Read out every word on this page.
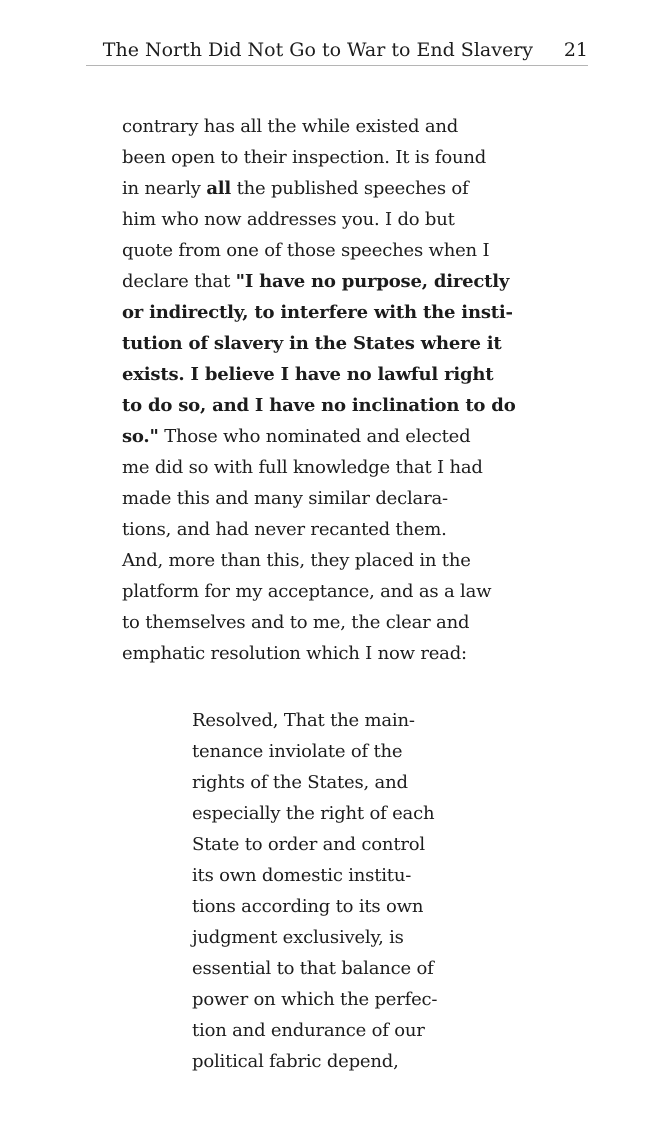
The North Did Not Go to War to End Slavery	21
contrary has all the while existed and
been open to their inspection. It is found
in nearly all the published speeches of
him who now addresses you. I do but
quote from one of those speeches when I
declare that "I have no purpose, directly
or indirectly, to interfere with the insti-
tution of slavery in the States where it
exists. I believe I have no lawful right
to do so, and I have no inclination to do
so." Those who nominated and elected
me did so with full knowledge that I had
made this and many similar declara-
tions, and had never recanted them.
And, more than this, they placed in the
platform for my acceptance, and as a law
to themselves and to me, the clear and
emphatic resolution which I now read:
Resolved, That the main-
tenance inviolate of the
rights of the States, and
especially the right of each
State to order and control
its own domestic institu-
tions according to its own
judgment exclusively, is
essential to that balance of
power on which the perfec-
tion and endurance of our
political fabric depend,
